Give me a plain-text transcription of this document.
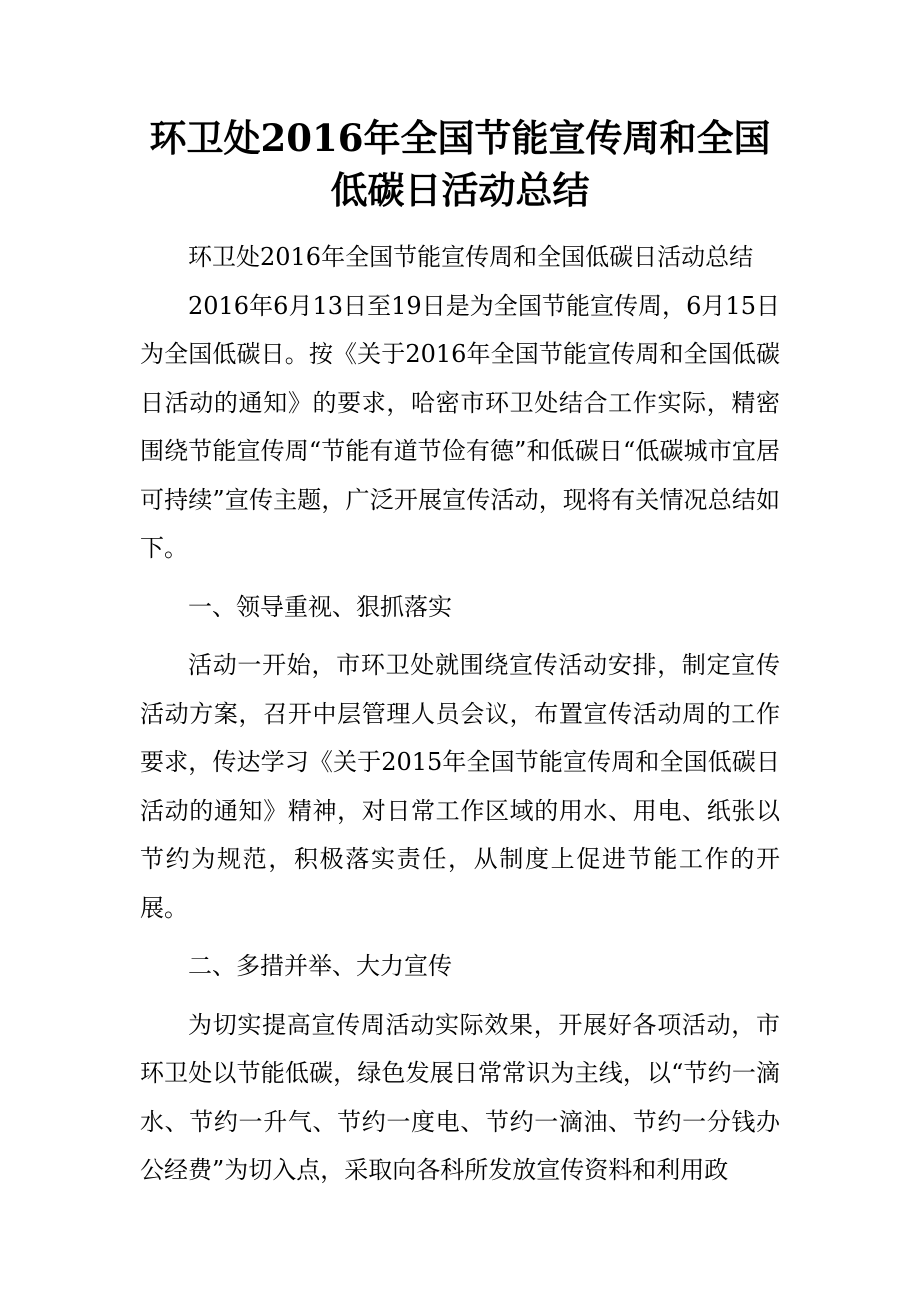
环卫处2016年全国节能宣传周和全国
低碳日活动总结

环卫处2016年全国节能宣传周和全国低碳日活动总结

2016年6月13日至19日是为全国节能宣传周，6月15日为全国低碳日。按《关于2016年全国节能宣传周和全国低碳日活动的通知》的要求，哈密市环卫处结合工作实际，精密围绕节能宣传周“节能有道节俭有德”和低碳日“低碳城市宜居可持续”宣传主题，广泛开展宣传活动，现将有关情况总结如下。

一、领导重视、狠抓落实

活动一开始，市环卫处就围绕宣传活动安排，制定宣传活动方案，召开中层管理人员会议，布置宣传活动周的工作要求，传达学习《关于2015年全国节能宣传周和全国低碳日活动的通知》精神，对日常工作区域的用水、用电、纸张以节约为规范，积极落实责任，从制度上促进节能工作的开展。

二、多措并举、大力宣传

为切实提高宣传周活动实际效果，开展好各项活动，市环卫处以节能低碳，绿色发展日常常识为主线，以“节约一滴水、节约一升气、节约一度电、节约一滴油、节约一分钱办公经费”为切入点，采取向各科所发放宣传资料和利用政
